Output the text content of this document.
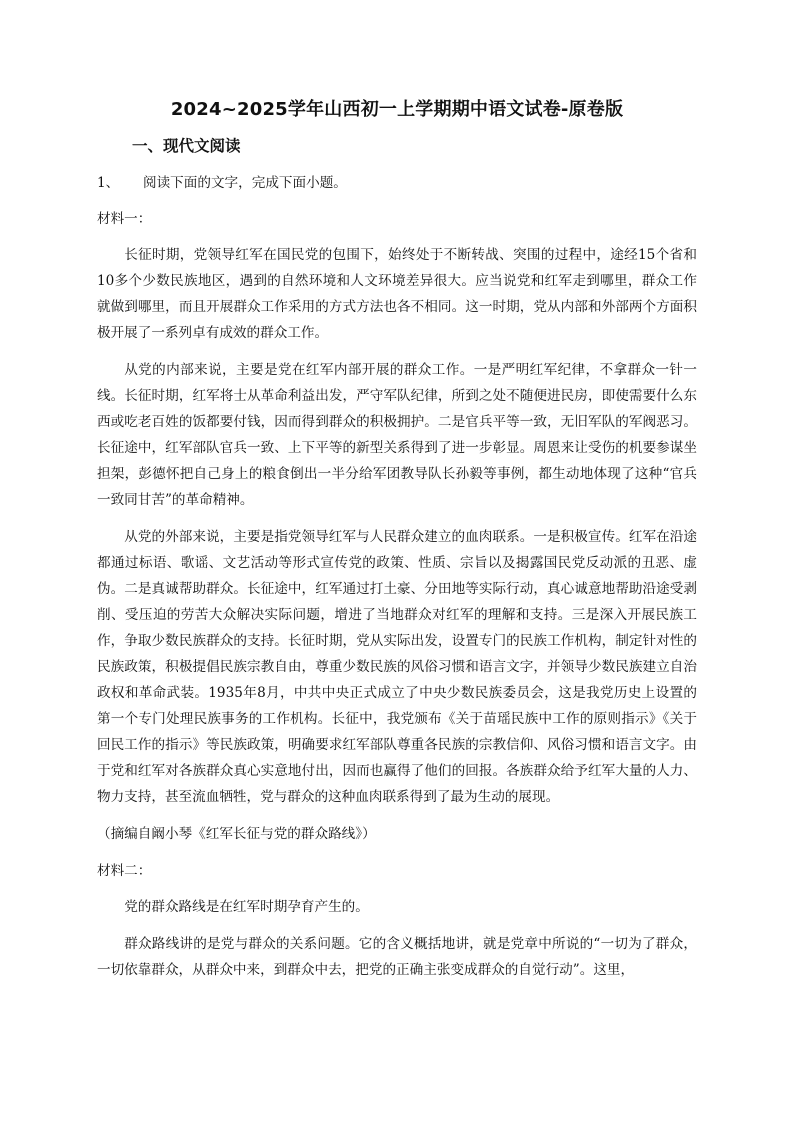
2024~2025学年山西初一上学期期中语文试卷-原卷版
一、现代文阅读

1、 阅读下面的文字，完成下面小题。

材料一：

长征时期，党领导红军在国民党的包围下，始终处于不断转战、突围的过程中，途经15个省和10多个少数民族地区，遇到的自然环境和人文环境差异很大。应当说党和红军走到哪里，群众工作就做到哪里，而且开展群众工作采用的方式方法也各不相同。这一时期，党从内部和外部两个方面积极开展了一系列卓有成效的群众工作。

从党的内部来说，主要是党在红军内部开展的群众工作。一是严明红军纪律，不拿群众一针一线。长征时期，红军将士从革命利益出发，严守军队纪律，所到之处不随便进民房，即使需要什么东西或吃老百姓的饭都要付钱，因而得到群众的积极拥护。二是官兵平等一致，无旧军队的军阀恶习。长征途中，红军部队官兵一致、上下平等的新型关系得到了进一步彰显。周恩来让受伤的机要参谋坐担架，彭德怀把自己身上的粮食倒出一半分给军团教导队长孙毅等事例，都生动地体现了这种“官兵一致同甘苦”的革命精神。

从党的外部来说，主要是指党领导红军与人民群众建立的血肉联系。一是积极宣传。红军在沿途都通过标语、歌谣、文艺活动等形式宣传党的政策、性质、宗旨以及揭露国民党反动派的丑恶、虚伪。二是真诚帮助群众。长征途中，红军通过打土豪、分田地等实际行动，真心诚意地帮助沿途受剥削、受压迫的劳苦大众解决实际问题，增进了当地群众对红军的理解和支持。三是深入开展民族工作，争取少数民族群众的支持。长征时期，党从实际出发，设置专门的民族工作机构，制定针对性的民族政策，积极提倡民族宗教自由，尊重少数民族的风俗习惯和语言文字，并领导少数民族建立自治政权和革命武装。1935年8月，中共中央正式成立了中央少数民族委员会，这是我党历史上设置的第一个专门处理民族事务的工作机构。长征中，我党颁布《关于苗瑶民族中工作的原则指示》《关于回民工作的指示》等民族政策，明确要求红军部队尊重各民族的宗教信仰、风俗习惯和语言文字。由于党和红军对各族群众真心实意地付出，因而也赢得了他们的回报。各族群众给予红军大量的人力、物力支持，甚至流血牺牲，党与群众的这种血肉联系得到了最为生动的展现。

（摘编自阚小琴《红军长征与党的群众路线》）

材料二：

党的群众路线是在红军时期孕育产生的。

群众路线讲的是党与群众的关系问题。它的含义概括地讲，就是党章中所说的“一切为了群众，一切依靠群众，从群众中来，到群众中去，把党的正确主张变成群众的自觉行动”。这里，
